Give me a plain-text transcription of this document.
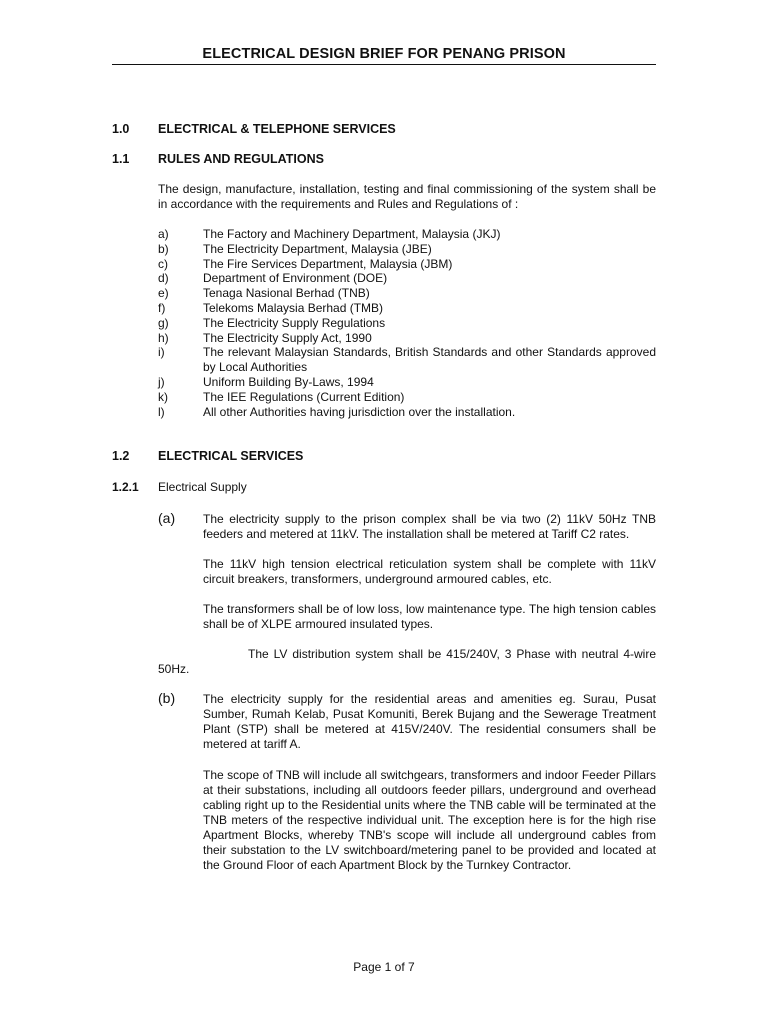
ELECTRICAL DESIGN BRIEF FOR PENANG PRISON
1.0 ELECTRICAL & TELEPHONE SERVICES
1.1 RULES AND REGULATIONS
The design, manufacture, installation, testing and final commissioning of the system shall be in accordance with the requirements and Rules and Regulations of :
a)	The Factory and Machinery Department, Malaysia (JKJ)
b)	The Electricity Department, Malaysia (JBE)
c)	The Fire Services Department, Malaysia (JBM)
d)	Department of Environment (DOE)
e)	Tenaga Nasional Berhad (TNB)
f)	Telekoms Malaysia Berhad (TMB)
g)	The Electricity Supply Regulations
h)	The Electricity Supply Act, 1990
i)	The relevant Malaysian Standards, British Standards and other Standards approved by Local Authorities
j)	Uniform Building By-Laws, 1994
k)	The IEE Regulations (Current Edition)
l)	All other Authorities having jurisdiction over the installation.
1.2 ELECTRICAL SERVICES
1.2.1 Electrical Supply
(a) The electricity supply to the prison complex shall be via two (2) 11kV 50Hz TNB feeders and metered at 11kV. The installation shall be metered at Tariff C2 rates.
The 11kV high tension electrical reticulation system shall be complete with 11kV circuit breakers, transformers, underground armoured cables, etc.
The transformers shall be of low loss, low maintenance type. The high tension cables shall be of XLPE armoured insulated types.
The LV distribution system shall be 415/240V, 3 Phase with neutral 4-wire 50Hz.
(b) The electricity supply for the residential areas and amenities eg. Surau, Pusat Sumber, Rumah Kelab, Pusat Komuniti, Berek Bujang and the Sewerage Treatment Plant (STP) shall be metered at 415V/240V. The residential consumers shall be metered at tariff A.
The scope of TNB will include all switchgears, transformers and indoor Feeder Pillars at their substations, including all outdoors feeder pillars, underground and overhead cabling right up to the Residential units where the TNB cable will be terminated at the TNB meters of the respective individual unit. The exception here is for the high rise Apartment Blocks, whereby TNB's scope will include all underground cables from their substation to the LV switchboard/metering panel to be provided and located at the Ground Floor of each Apartment Block by the Turnkey Contractor.
Page 1 of 7
